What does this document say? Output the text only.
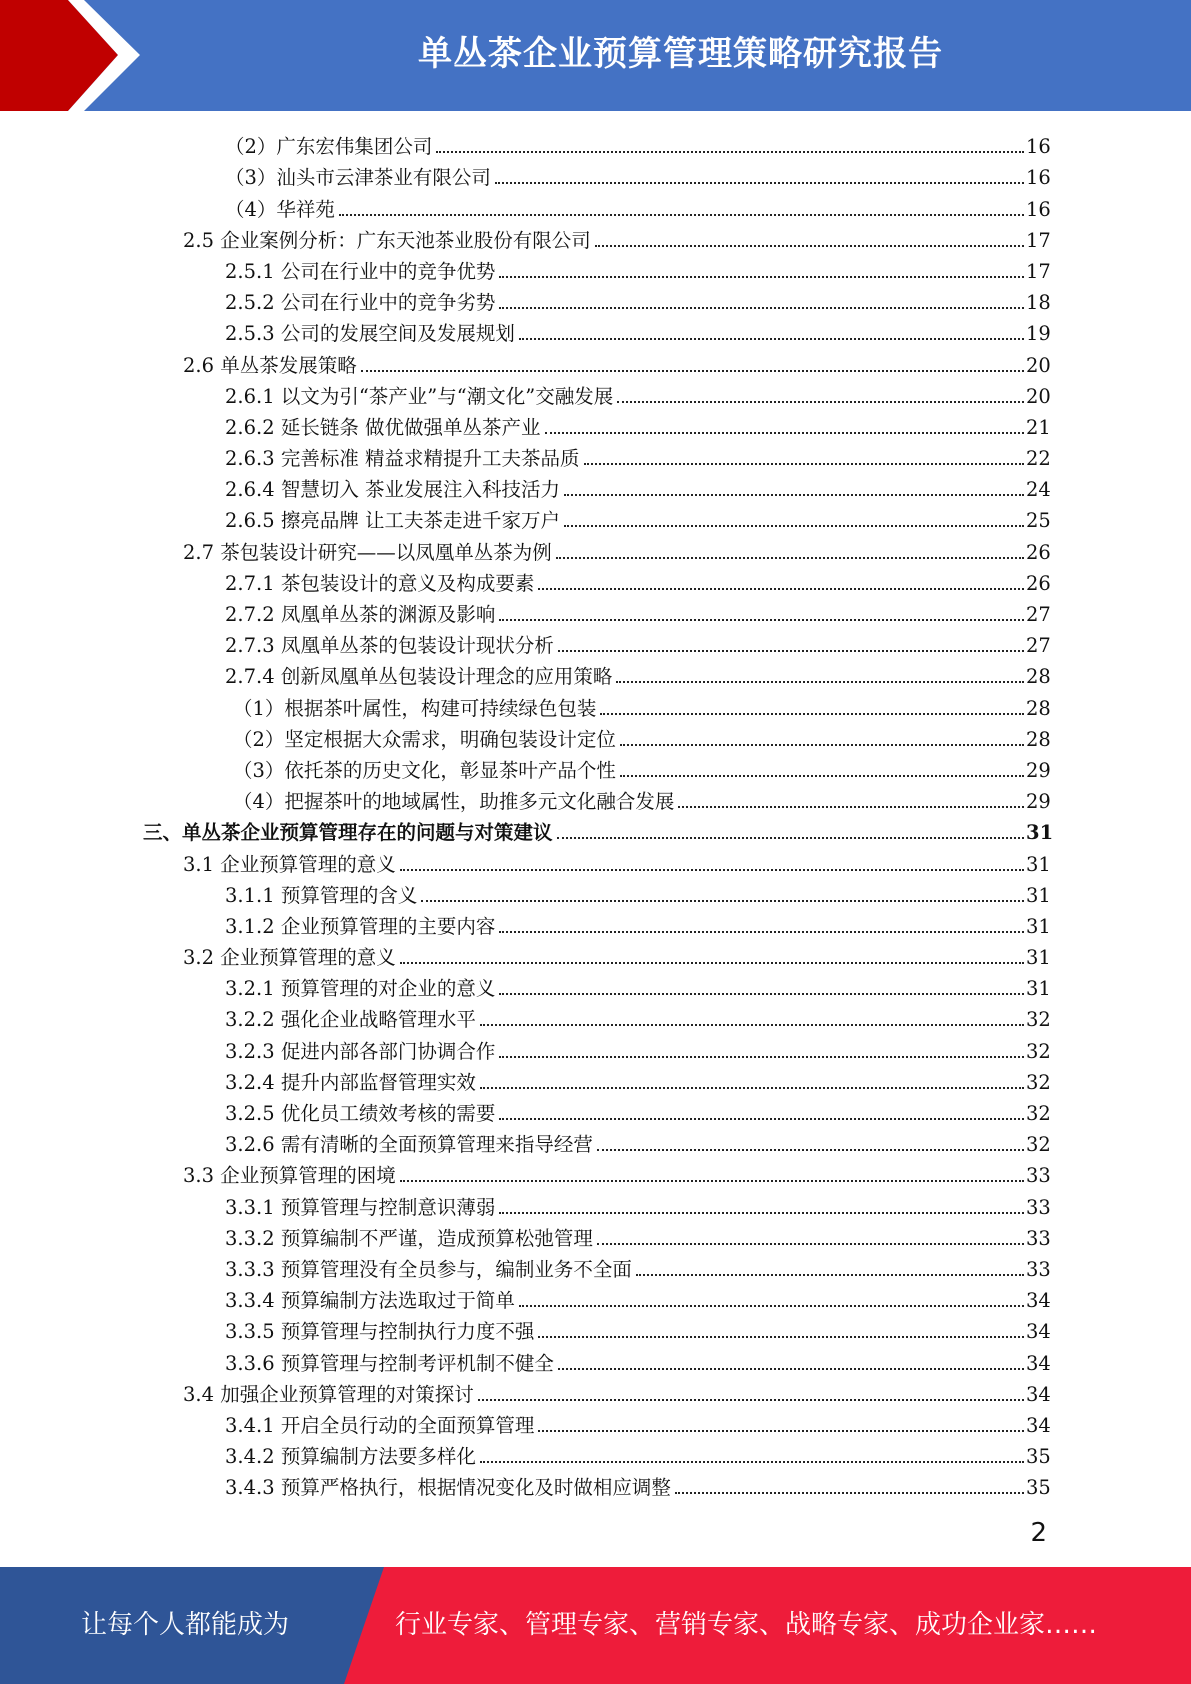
单丛茶企业预算管理策略研究报告
（2）广东宏伟集团公司	16
（3）汕头市云津茶业有限公司	16
（4）华祥苑	16
2.5 企业案例分析：广东天池茶业股份有限公司	17
2.5.1 公司在行业中的竞争优势	17
2.5.2 公司在行业中的竞争劣势	18
2.5.3 公司的发展空间及发展规划	19
2.6 单丛茶发展策略	20
2.6.1 以文为引“茶产业”与“潮文化”交融发展	20
2.6.2 延长链条 做优做强单丛茶产业	21
2.6.3 完善标准 精益求精提升工夫茶品质	22
2.6.4 智慧切入 茶业发展注入科技活力	24
2.6.5 擦亮品牌 让工夫茶走进千家万户	25
2.7 茶包装设计研究——以凤凰单丛茶为例	26
2.7.1 茶包装设计的意义及构成要素	26
2.7.2 凤凰单丛茶的渊源及影响	27
2.7.3 凤凰单丛茶的包装设计现状分析	27
2.7.4 创新凤凰单丛包装设计理念的应用策略	28
（1）根据茶叶属性，构建可持续绿色包装	28
（2）坚定根据大众需求，明确包装设计定位	28
（3）依托茶的历史文化，彰显茶叶产品个性	29
（4）把握茶叶的地域属性，助推多元文化融合发展	29
三、单丛茶企业预算管理存在的问题与对策建议	31
3.1 企业预算管理的意义	31
3.1.1 预算管理的含义	31
3.1.2 企业预算管理的主要内容	31
3.2 企业预算管理的意义	31
3.2.1 预算管理的对企业的意义	31
3.2.2 强化企业战略管理水平	32
3.2.3 促进内部各部门协调合作	32
3.2.4 提升内部监督管理实效	32
3.2.5 优化员工绩效考核的需要	32
3.2.6 需有清晰的全面预算管理来指导经营	32
3.3 企业预算管理的困境	33
3.3.1 预算管理与控制意识薄弱	33
3.3.2 预算编制不严谨，造成预算松弛管理	33
3.3.3 预算管理没有全员参与，编制业务不全面	33
3.3.4 预算编制方法选取过于简单	34
3.3.5 预算管理与控制执行力度不强	34
3.3.6 预算管理与控制考评机制不健全	34
3.4 加强企业预算管理的对策探讨	34
3.4.1 开启全员行动的全面预算管理	34
3.4.2 预算编制方法要多样化	35
3.4.3 预算严格执行，根据情况变化及时做相应调整	35
2
让每个人都能成为	行业专家、管理专家、营销专家、战略专家、成功企业家……
